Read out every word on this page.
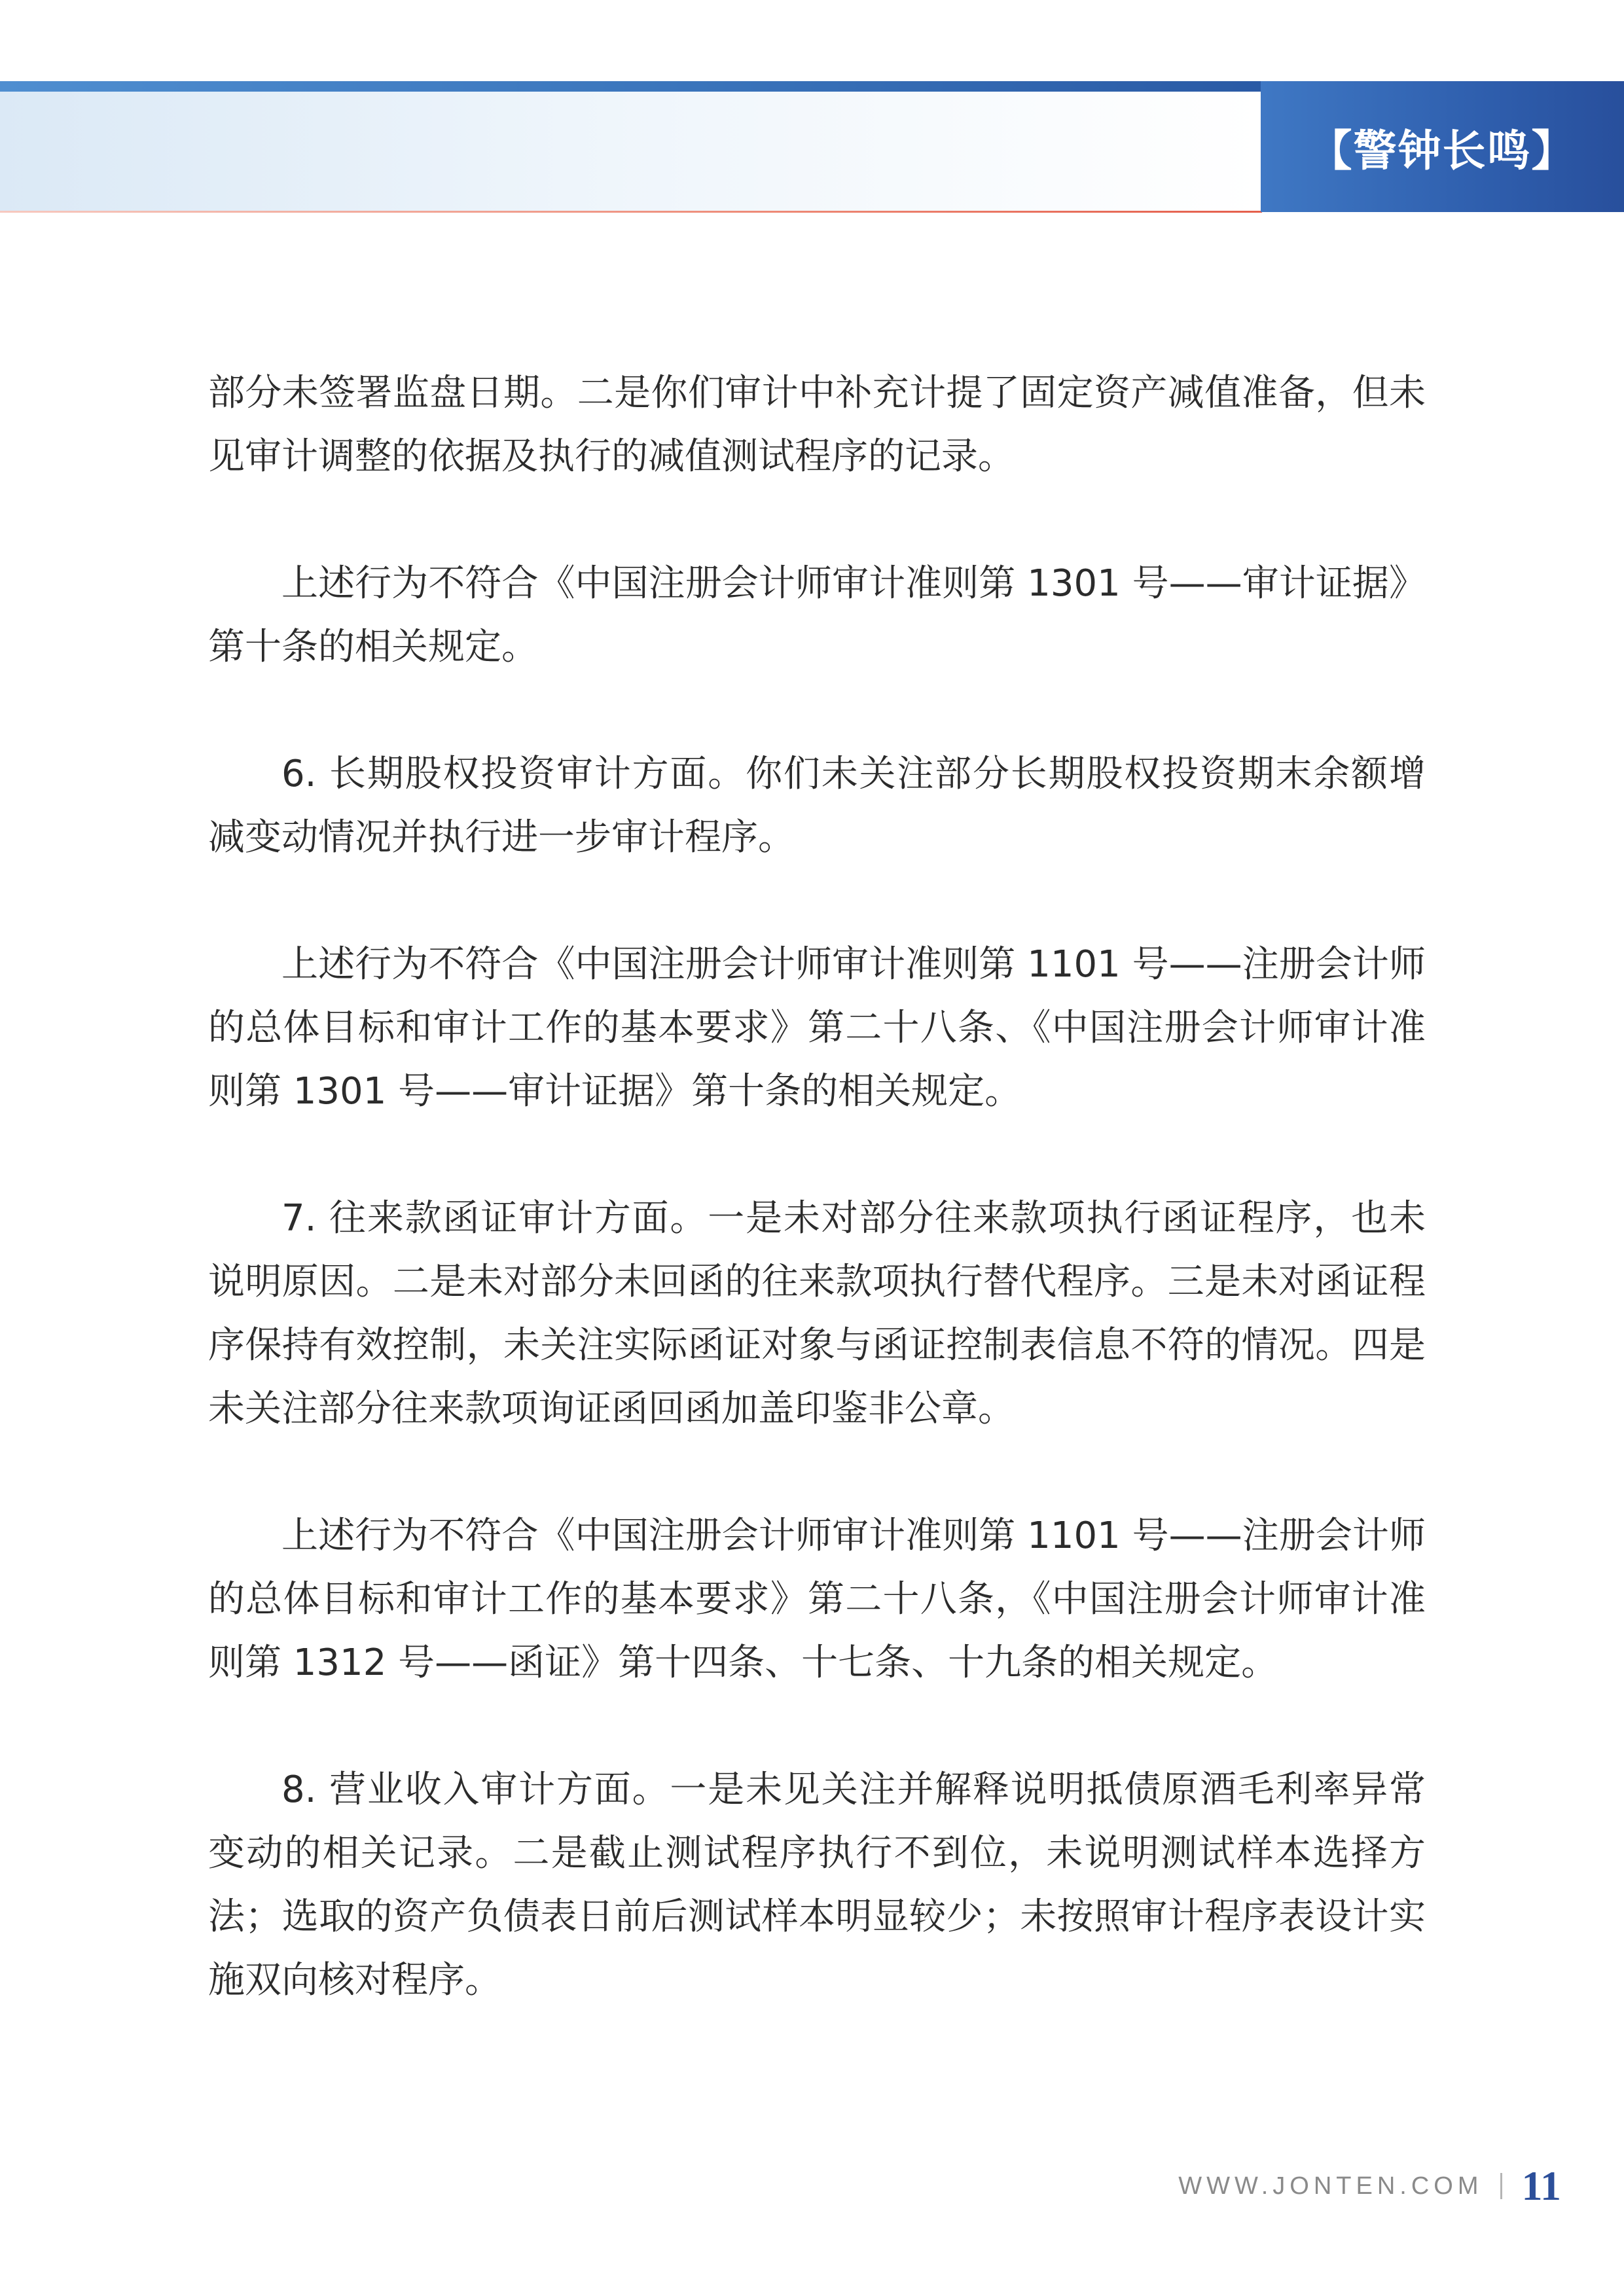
【警钟长鸣】

部分未签署监盘日期。二是你们审计中补充计提了固定资产减值准备，但未见审计调整的依据及执行的减值测试程序的记录。

上述行为不符合《中国注册会计师审计准则第 1301 号——审计证据》第十条的相关规定。

6. 长期股权投资审计方面。你们未关注部分长期股权投资期末余额增减变动情况并执行进一步审计程序。

上述行为不符合《中国注册会计师审计准则第 1101 号——注册会计师的总体目标和审计工作的基本要求》第二十八条、《中国注册会计师审计准则第 1301 号——审计证据》第十条的相关规定。

7. 往来款函证审计方面。一是未对部分往来款项执行函证程序，也未说明原因。二是未对部分未回函的往来款项执行替代程序。三是未对函证程序保持有效控制，未关注实际函证对象与函证控制表信息不符的情况。四是未关注部分往来款项询证函回函加盖印鉴非公章。

上述行为不符合《中国注册会计师审计准则第 1101 号——注册会计师的总体目标和审计工作的基本要求》第二十八条，《中国注册会计师审计准则第 1312 号——函证》第十四条、十七条、十九条的相关规定。

8. 营业收入审计方面。一是未见关注并解释说明抵债原酒毛利率异常变动的相关记录。二是截止测试程序执行不到位，未说明测试样本选择方法；选取的资产负债表日前后测试样本明显较少；未按照审计程序表设计实施双向核对程序。

WWW.JONTEN.COM 11
